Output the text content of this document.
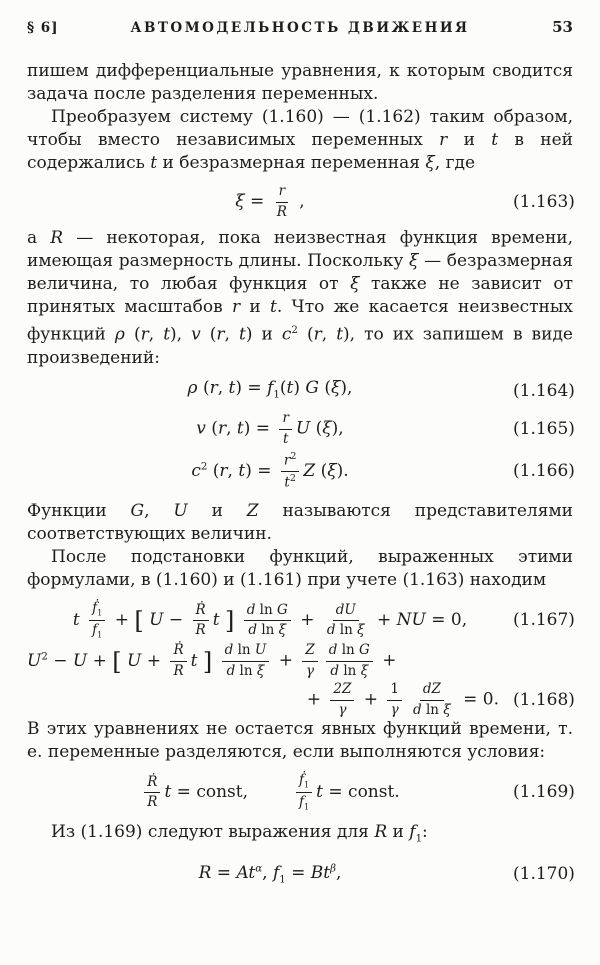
§ 6]	АВТОМОДЕЛЬНОСТЬ ДВИЖЕНИЯ	53

пишем дифференциальные уравнения, к которым сводится задача после разделения переменных.

Преобразуем систему (1.160) — (1.162) таким образом, чтобы вместо независимых переменных r и t в ней содержались t и безразмерная переменная ξ, где

$\xi = \frac{r}{R}$ ,	(1.163)

а R — некоторая, пока неизвестная функция времени, имеющая размерность длины. Поскольку ξ — безразмерная величина, то любая функция от ξ также не зависит от принятых масштабов r и t. Что же касается неизвестных функций ρ (r, t), v (r, t) и $c^2$ (r, t), то их запишем в виде произведений:

ρ (r, $t) = f_1(t)$ G (ξ),	(1.164)
v (r, $t) = \frac{r}{t}$ U (ξ),	(1.165)
$c^2$ (r, $t) = \frac{r^2}{t^2}$ Z (ξ).	(1.166)

Функции G, U и Z называются представителями соответствующих величин.

После подстановки функций, выраженных этими формулами, в (1.160) и (1.161) при учете (1.163) находим

t $\frac{ḟ_1}{f_1}$ + [ $U - \frac{\text{Ṙ}}{R}$ t ] $\frac{\text{d ln G}}{\text{d ln ξ}} + \frac{dU}{\text{d ln ξ}}$ + NU = 0,	(1.167)
$U^2 - U$ + [ $U + \frac{\text{Ṙ}}{R}$ t ] $\frac{\text{d ln U}}{\text{d ln ξ}} + \frac{Z}{\gamma} \frac{\text{d ln G}}{\text{d ln ξ}}$ +
+ $\frac{2Z}{\gamma} + \frac{1}{\gamma} \frac{dZ}{\text{d ln ξ}} = 0$. (1.168)

В этих уравнениях не остается явных функций времени, т. е. переменные разделяются, если выполняются условия:

$\frac{\text{Ṙ}}{R}$ t = const,	$\frac{ḟ_1}{f_1}$ t = const.	(1.169)

Из (1.169) следуют выражения для R и $f_1$:

$R = At^\alpha$, $f_1 = Bt^\beta$,	(1.170)
